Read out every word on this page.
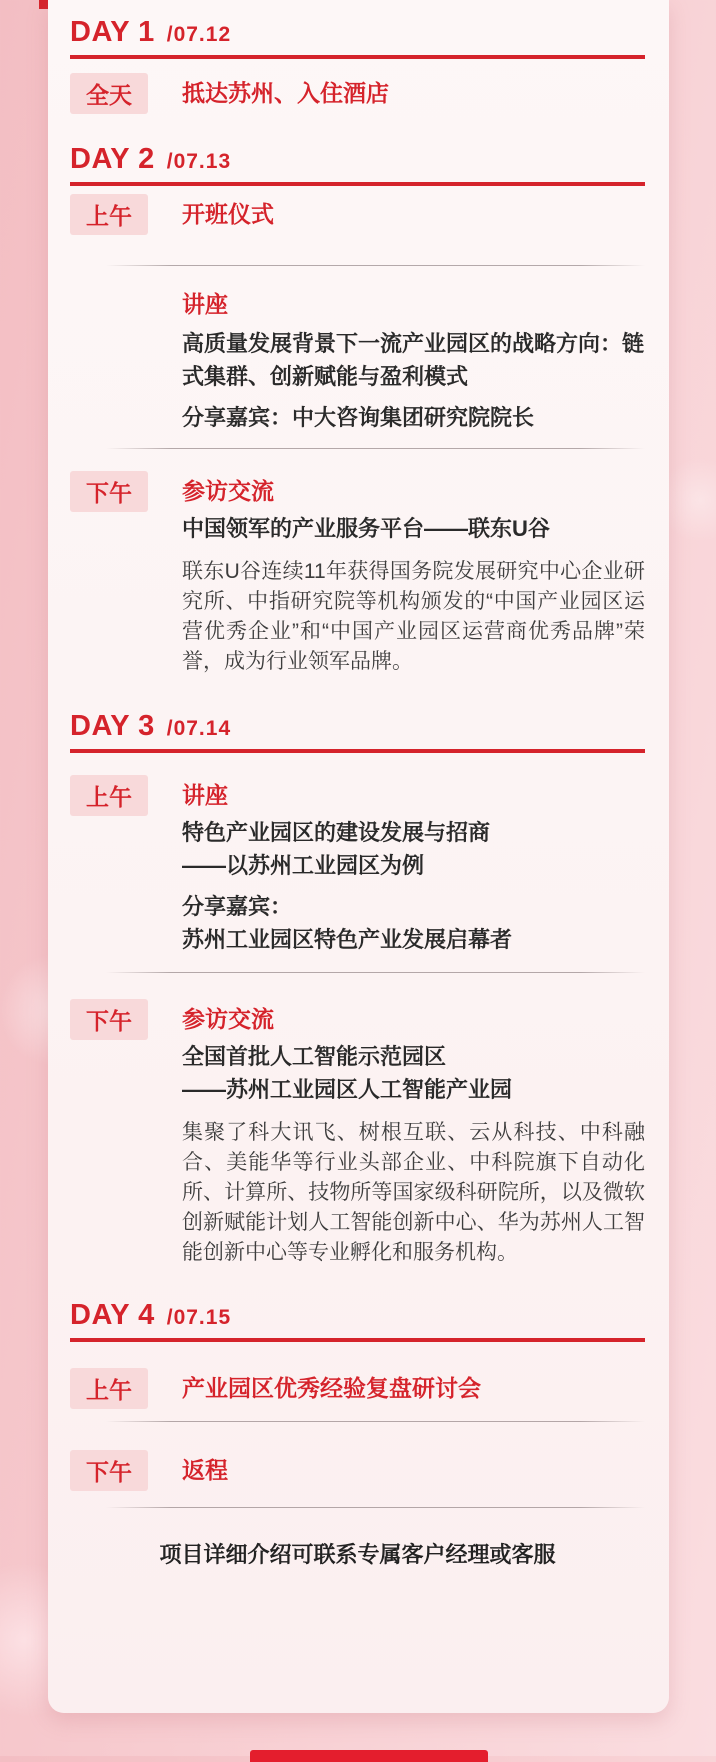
DAY 1 /07.12
全天	抵达苏州、入住酒店
DAY 2 /07.13
上午	开班仪式
讲座
高质量发展背景下一流产业园区的战略方向：链式集群、创新赋能与盈利模式
分享嘉宾：中大咨询集团研究院院长
下午	参访交流
中国领军的产业服务平台——联东U谷
联东U谷连续11年获得国务院发展研究中心企业研究所、中指研究院等机构颁发的“中国产业园区运营优秀企业”和“中国产业园区运营商优秀品牌”荣誉，成为行业领军品牌。
DAY 3 /07.14
上午	讲座
特色产业园区的建设发展与招商
——以苏州工业园区为例
分享嘉宾：
苏州工业园区特色产业发展启幕者
下午	参访交流
全国首批人工智能示范园区
——苏州工业园区人工智能产业园
集聚了科大讯飞、树根互联、云从科技、中科融合、美能华等行业头部企业、中科院旗下自动化所、计算所、技物所等国家级科研院所，以及微软创新赋能计划人工智能创新中心、华为苏州人工智能创新中心等专业孵化和服务机构。
DAY 4 /07.15
上午	产业园区优秀经验复盘研讨会
下午	返程
项目详细介绍可联系专属客户经理或客服
